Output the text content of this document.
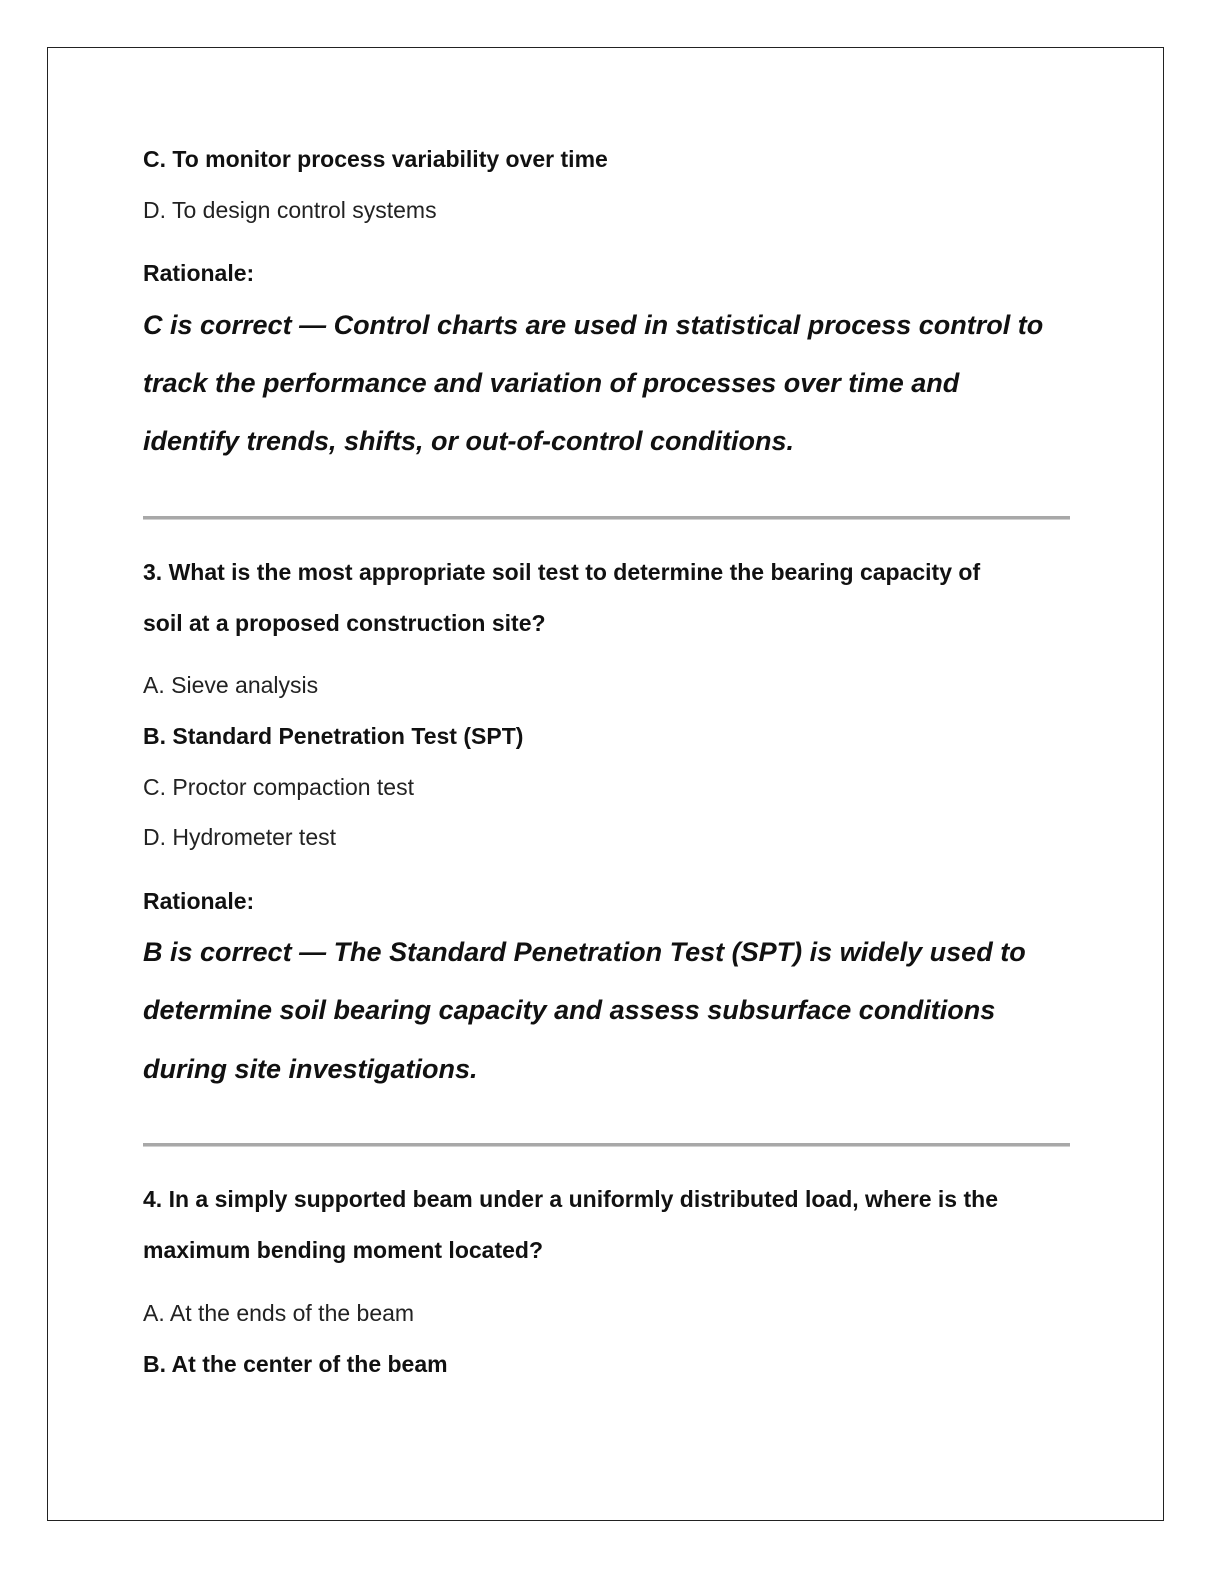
C. To monitor process variability over time
D. To design control systems
Rationale:
C is correct — Control charts are used in statistical process control to
track the performance and variation of processes over time and
identify trends, shifts, or out-of-control conditions.
3. What is the most appropriate soil test to determine the bearing capacity of
soil at a proposed construction site?
A. Sieve analysis
B. Standard Penetration Test (SPT)
C. Proctor compaction test
D. Hydrometer test
Rationale:
B is correct — The Standard Penetration Test (SPT) is widely used to
determine soil bearing capacity and assess subsurface conditions
during site investigations.
4. In a simply supported beam under a uniformly distributed load, where is the
maximum bending moment located?
A. At the ends of the beam
B. At the center of the beam
